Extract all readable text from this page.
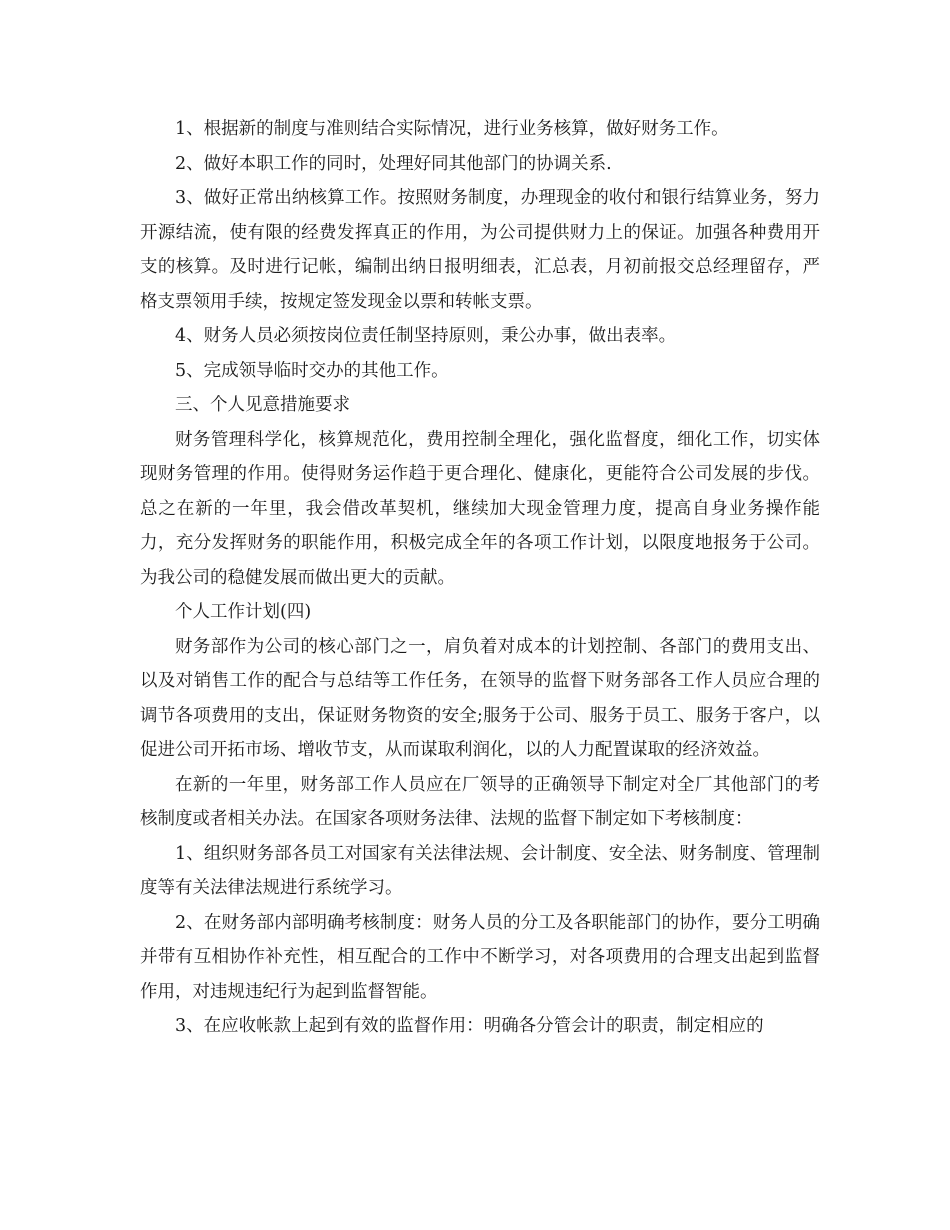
1、根据新的制度与准则结合实际情况，进行业务核算，做好财务工作。

2、做好本职工作的同时，处理好同其他部门的协调关系.

3、做好正常出纳核算工作。按照财务制度，办理现金的收付和银行结算业务，努力开源结流，使有限的经费发挥真正的作用，为公司提供财力上的保证。加强各种费用开支的核算。及时进行记帐，编制出纳日报明细表，汇总表，月初前报交总经理留存，严格支票领用手续，按规定签发现金以票和转帐支票。

4、财务人员必须按岗位责任制坚持原则，秉公办事，做出表率。

5、完成领导临时交办的其他工作。

三、个人见意措施要求

财务管理科学化，核算规范化，费用控制全理化，强化监督度，细化工作，切实体现财务管理的作用。使得财务运作趋于更合理化、健康化，更能符合公司发展的步伐。总之在新的一年里，我会借改革契机，继续加大现金管理力度，提高自身业务操作能力，充分发挥财务的职能作用，积极完成全年的各项工作计划，以限度地报务于公司。为我公司的稳健发展而做出更大的贡献。

个人工作计划(四)

财务部作为公司的核心部门之一，肩负着对成本的计划控制、各部门的费用支出、以及对销售工作的配合与总结等工作任务，在领导的监督下财务部各工作人员应合理的调节各项费用的支出，保证财务物资的安全;服务于公司、服务于员工、服务于客户，以促进公司开拓市场、增收节支，从而谋取利润化，以的人力配置谋取的经济效益。

在新的一年里，财务部工作人员应在厂领导的正确领导下制定对全厂其他部门的考核制度或者相关办法。在国家各项财务法律、法规的监督下制定如下考核制度：

1、组织财务部各员工对国家有关法律法规、会计制度、安全法、财务制度、管理制度等有关法律法规进行系统学习。

2、在财务部内部明确考核制度：财务人员的分工及各职能部门的协作，要分工明确并带有互相协作补充性，相互配合的工作中不断学习，对各项费用的合理支出起到监督作用，对违规违纪行为起到监督智能。

3、在应收帐款上起到有效的监督作用：明确各分管会计的职责，制定相应的
